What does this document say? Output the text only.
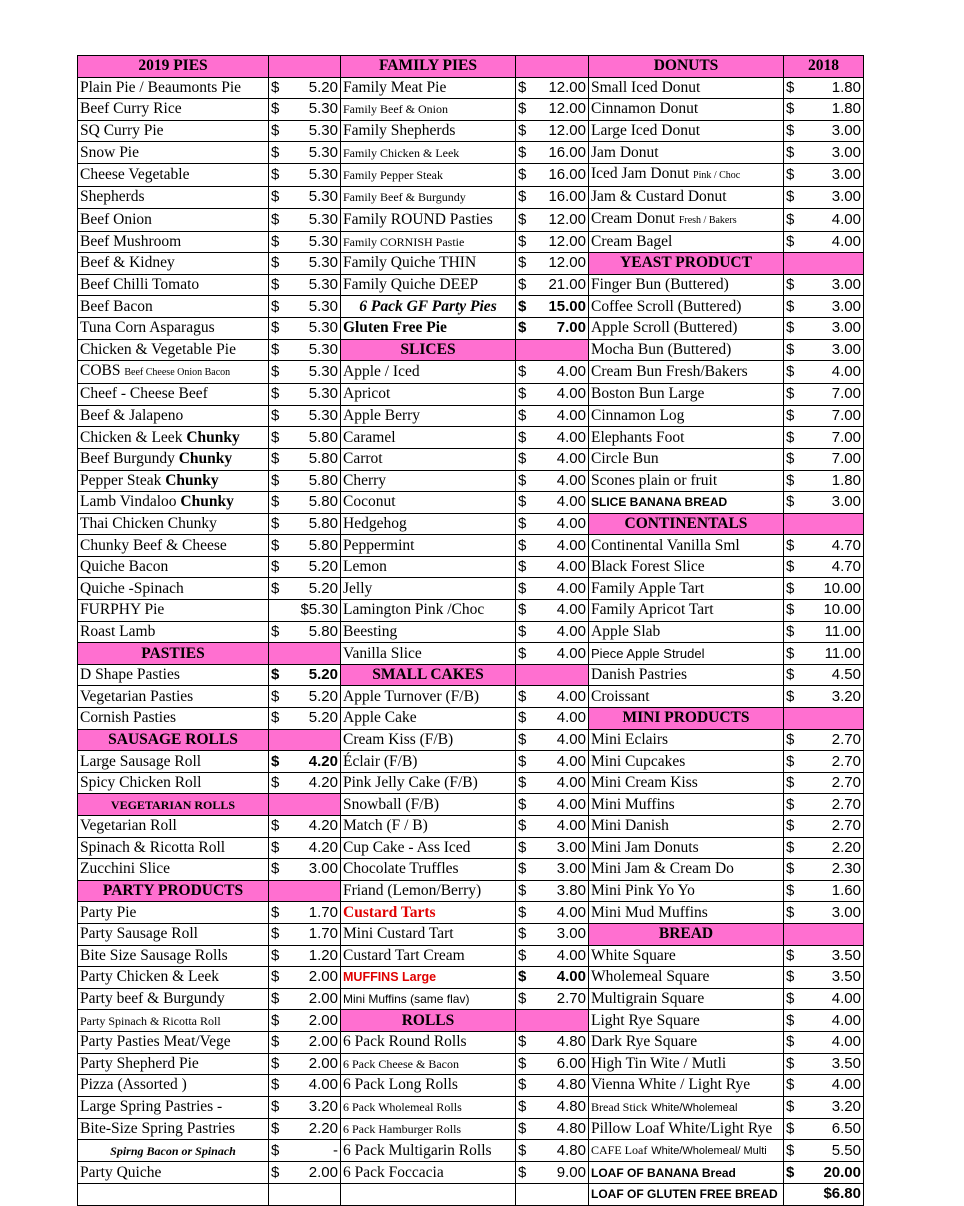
2019 PIES		FAMILY PIES		DONUTS	2018
Plain Pie / Beaumonts Pie	$ 5.20	Family Meat Pie	$ 12.00	Small Iced Donut	$ 1.80

Beef Curry Rice	$ 5.30	Family Beef & Onion	$ 12.00	Cinnamon Donut	$ 1.80

SQ Curry Pie	$ 5.30	Family Shepherds	$ 12.00	Large Iced Donut	$ 3.00

Snow Pie	$ 5.30	Family Chicken & Leek	$ 16.00	Jam Donut	$ 3.00

Cheese Vegetable	$ 5.30	Family Pepper Steak	$ 16.00	Iced Jam Donut Pink / Choc	$ 3.00

Shepherds	$ 5.30	Family Beef & Burgundy	$ 16.00	Jam & Custard Donut	$ 3.00

Beef Onion	$ 5.30	Family ROUND Pasties	$ 12.00	Cream Donut Fresh / Bakers	$ 4.00

Beef Mushroom	$ 5.30	Family CORNISH Pastie	$ 12.00	Cream Bagel	$ 4.00

Beef & Kidney	$ 5.30	Family Quiche THIN	$ 12.00	YEAST PRODUCT	
Beef Chilli Tomato	$ 5.30	Family Quiche DEEP	$ 21.00	Finger Bun (Buttered)	$ 3.00

Beef Bacon	$ 5.30	6 Pack GF Party Pies	$ 15.00	Coffee Scroll (Buttered)	$ 3.00

Tuna Corn Asparagus	$ 5.30	Gluten Free Pie	$ 7.00	Apple Scroll (Buttered)	$ 3.00

Chicken & Vegetable Pie	$ 5.30	SLICES		Mocha Bun (Buttered)	$ 3.00

COBS Beef Cheese Onion Bacon	$ 5.30	Apple / Iced	$ 4.00	Cream Bun Fresh/Bakers	$ 4.00

Cheef - Cheese Beef	$ 5.30	Apricot	$ 4.00	Boston Bun Large	$ 7.00

Beef & Jalapeno	$ 5.30	Apple Berry	$ 4.00	Cinnamon Log	$ 7.00

Chicken & Leek Chunky	$ 5.80	Caramel	$ 4.00	Elephants Foot	$ 7.00

Beef Burgundy Chunky	$ 5.80	Carrot	$ 4.00	Circle Bun	$ 7.00

Pepper Steak Chunky	$ 5.80	Cherry	$ 4.00	Scones plain or fruit	$ 1.80

Lamb Vindaloo Chunky	$ 5.80	Coconut	$ 4.00	SLICE BANANA BREAD	$ 3.00

Thai Chicken Chunky	$ 5.80	Hedgehog	$ 4.00	CONTINENTALS	
Chunky Beef & Cheese	$ 5.80	Peppermint	$ 4.00	Continental Vanilla Sml	$ 4.70

Quiche Bacon	$ 5.20	Lemon	$ 4.00	Black Forest Slice	$ 4.70

Quiche -Spinach	$ 5.20	Jelly	$ 4.00	Family Apple Tart	$ 10.00

FURPHY Pie	$5.30	Lamington Pink /Choc	$ 4.00	Family Apricot Tart	$ 10.00

Roast Lamb	$ 5.80	Beesting	$ 4.00	Apple Slab	$ 11.00

PASTIES		Vanilla Slice	$ 4.00	Piece Apple Strudel	$ 11.00

D Shape Pasties	$ 5.20	SMALL CAKES		Danish Pastries	$ 4.50

Vegetarian Pasties	$ 5.20	Apple Turnover (F/B)	$ 4.00	Croissant	$ 3.20

Cornish Pasties	$ 5.20	Apple Cake	$ 4.00	MINI PRODUCTS	
SAUSAGE ROLLS		Cream Kiss (F/B)	$ 4.00	Mini Eclairs	$ 2.70

Large Sausage Roll	$ 4.20	Éclair (F/B)	$ 4.00	Mini Cupcakes	$ 2.70

Spicy Chicken Roll	$ 4.20	Pink Jelly Cake (F/B)	$ 4.00	Mini Cream Kiss	$ 2.70

VEGETARIAN ROLLS		Snowball (F/B)	$ 4.00	Mini Muffins	$ 2.70

Vegetarian Roll	$ 4.20	Match (F / B)	$ 4.00	Mini Danish	$ 2.70

Spinach & Ricotta Roll	$ 4.20	Cup Cake - Ass Iced	$ 3.00	Mini Jam Donuts	$ 2.20

Zucchini Slice	$ 3.00	Chocolate Truffles	$ 3.00	Mini Jam & Cream Do	$ 2.30

PARTY PRODUCTS		Friand (Lemon/Berry)	$ 3.80	Mini Pink Yo Yo	$ 1.60

Party Pie	$ 1.70	Custard Tarts	$ 4.00	Mini Mud Muffins	$ 3.00

Party Sausage Roll	$ 1.70	Mini Custard Tart	$ 3.00	BREAD	
Bite Size Sausage Rolls	$ 1.20	Custard Tart Cream	$ 4.00	White Square	$ 3.50

Party Chicken & Leek	$ 2.00	MUFFINS Large	$ 4.00	Wholemeal Square	$ 3.50

Party beef & Burgundy	$ 2.00	Mini Muffins (same flav)	$ 2.70	Multigrain Square	$ 4.00

Party Spinach & Ricotta Roll	$ 2.00	ROLLS		Light Rye Square	$ 4.00

Party Pasties Meat/Vege	$ 2.00	6 Pack Round Rolls	$ 4.80	Dark Rye Square	$ 4.00

Party Shepherd Pie	$ 2.00	6 Pack Cheese & Bacon	$ 6.00	High Tin Wite / Mutli	$ 3.50

Pizza (Assorted )	$ 4.00	6 Pack Long Rolls	$ 4.80	Vienna White / Light Rye	$ 4.00

Large Spring Pastries -	$ 3.20	6 Pack Wholemeal Rolls	$ 4.80	Bread Stick White/Wholemeal	$ 3.20

Bite-Size Spring Pastries	$ 2.20	6 Pack Hamburger Rolls	$ 4.80	Pillow Loaf White/Light Rye	$ 6.50

Spirng Bacon or Spinach	$ -	6 Pack Multigarin Rolls	$ 4.80	CAFE Loaf White/Wholemeal/ Multi	$ 5.50

Party Quiche	$ 2.00	6 Pack Foccacia	$ 9.00	LOAF OF BANANA Bread	$ 20.00

				LOAF OF GLUTEN FREE BREAD	$6.80
